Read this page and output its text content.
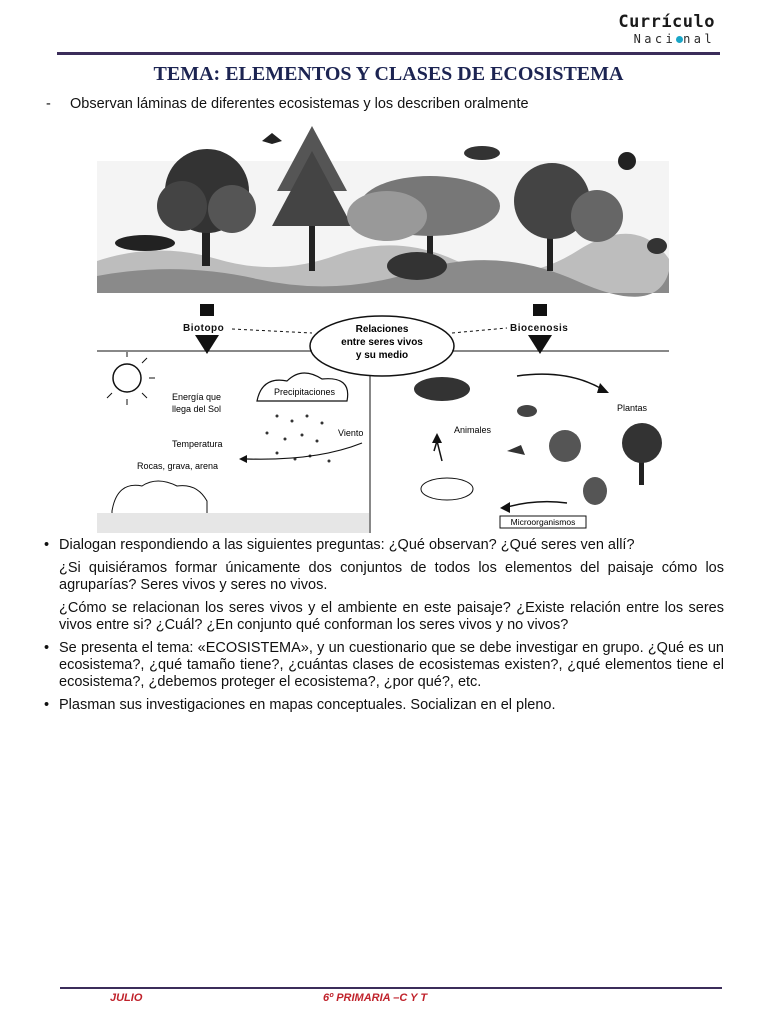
Currículo
Naci nal
TEMA: ELEMENTOS Y CLASES DE ECOSISTEMA
- Observan láminas de diferentes ecosistemas y los describen oralmente
Biotopo	Biocenosis
Relaciones
entre seres vivos
y su medio
Energía que
llega del Sol
Precipitaciones
Temperatura
Viento
Rocas, grava, arena
Plantas
Animales
Microorganismos
• Dialogan respondiendo a las siguientes preguntas: ¿Qué observan? ¿Qué seres ven allí?
¿Si quisiéramos formar únicamente dos conjuntos de todos los elementos del paisaje cómo los agruparías? Seres vivos y seres no vivos.
¿Cómo se relacionan los seres vivos y el ambiente en este paisaje? ¿Existe relación entre los seres vivos entre si? ¿Cuál? ¿En conjunto qué conforman los seres vivos y no vivos?
• Se presenta el tema: «ECOSISTEMA», y un cuestionario que se debe investigar en grupo. ¿Qué es un ecosistema?, ¿qué tamaño tiene?, ¿cuántas clases de ecosistemas existen?, ¿qué elementos tiene el ecosistema?, ¿debemos proteger el ecosistema?, ¿por qué?, etc.
• Plasman sus investigaciones en mapas conceptuales. Socializan en el pleno.
JULIO	6º PRIMARIA –C Y T
